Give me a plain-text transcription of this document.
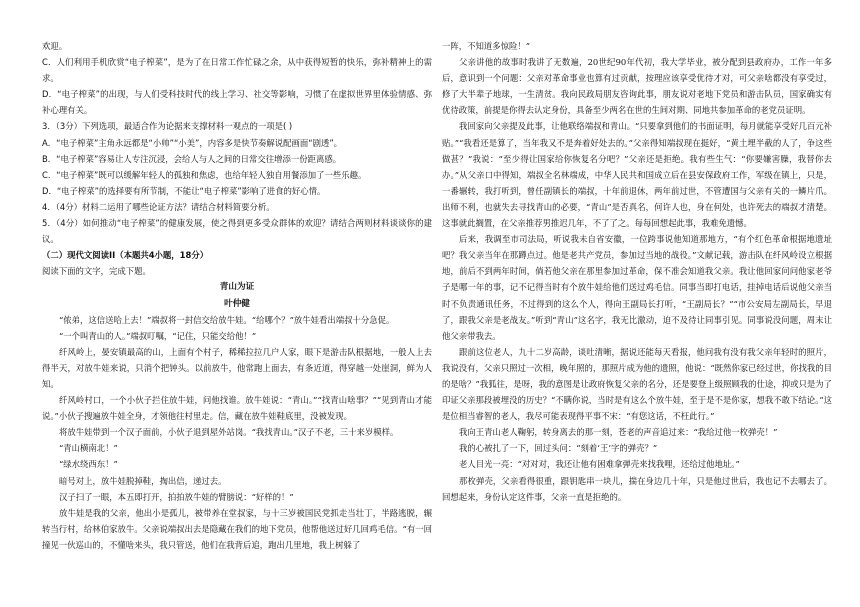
欢迎。

C．人们利用手机欣赏“电子榨菜”，是为了在日常工作忙碌之余，从中获得短暂的快乐，弥补精神上的需求。

D．“电子榨菜”的出现，与人们受科技时代的线上学习、社交等影响，习惯了在虚拟世界里体验情感、弥补心理有关。

3．（3分）下列选项，最适合作为论据来支撑材料一观点的一项是( )

A．“电子榨菜”主角永远都是“小帅”“小美”，内容多是快节奏解说配画面“剧透”。

B．“电子榨菜”容易让人专注沉浸，会给人与人之间的日常交往增添一份距离感。

C．“电子榨菜”既可以缓解年轻人的孤独和焦虑，也给年轻人独自用餐添加了一些乐趣。

D．“电子榨菜”的选择要有所节制，不能让“电子榨菜”影响了进食的好心情。

4．（4分）材料二运用了哪些论证方法？请结合材料简要分析。

5．（4分）如何推动“电子榨菜”的健康发展，使之得到更多受众群体的欢迎？请结合两则材料谈谈你的建议。

（二）现代文阅读II（本题共4小题，18分）

阅读下面的文字，完成下题。

青山为证

叶仲健

“侬弟，这信送哈上去！”端叔将一封信交给放牛娃。“给哪个？”放牛娃看出端叔十分急促。

“一个叫青山的人。”端叔叮嘱，“记住，只能交给他！”

纤风岭上，晏安镇最高的山，上面有个村子，稀稀拉拉几户人家，眼下是游击队根据地，一般人上去得半天，对放牛娃来说，只消个把钟头。以前放牛，他常跑上面去，有条近道，得穿越一处崖洞，鲜为人知。

纤风岭村口，一个小伙子拦住放牛娃，问他找谁。放牛娃说：“青山。”“找青山啥事？”“见到青山才能说。”小伙子搜遍放牛娃全身，才领他往村里走。信，藏在放牛娃鞋底里，没被发现。

将放牛娃带到一个汉子面前，小伙子退到屋外站岗。“我找青山。”汉子不老，三十来岁模样。

“青山横南北！”

“绿水绕西东！”

暗号对上，放牛娃脱掉鞋，掏出信，递过去。

汉子扫了一眼，本五即打开，拍拍放牛娃的臂膀说：“好样的！”

放牛娃是我的父亲，他出小是孤儿，被带养在堂叔家，与十三岁被国民党抓走当壮丁，半路逃脱，辗转当行村，给林伯家放牛。父亲说端叔出去是隐藏在我们的地下党员，他帮他送过好几回鸡毛信。“有一回撞见一伙巡山的，不懂啥来头，我只管送，他们在我背后追，跑出几里地，我上树躲了

一阵，不知道多惊险！”

父亲讲他的故事时我讲了无数遍，20世纪90年代初，我大学毕业，被分配到县政府办，工作一年多后，意识到一个问题：父亲对革命事业也算有过贡献，按理应该享受优待才对，可父亲啥都没有享受过，修了大半辈子地球，一生清贫。我向民政局朋友咨询此事，朋友说对老地下党员和游击队员，国家确实有优待政策，前提是你得去认定身份，具备至少两名在世的生间对期、同地共参加革命的老党员证明。

我回家向父亲提及此事，让他联络端叔和青山。“只要拿到他们的书面证明，每月就能享受好几百元补贴。”“我看还是算了，当年我又不是奔着好处去的。”父亲得知端叔现在挺好，“黄土埋半截的人了，争这些做甚？”我说：“至少得让国家给你恢复名分吧？”父亲还是拒绝。我有些生气：“你要嫌害臊，我替你去办。”从父亲口中得知，端叔全名林端成，中华人民共和国成立后在县安保政府工作，军级在镇上，只是，一番辗转，我打听到，曾任副镇长的端叔，十年前退休，两年前过世，不管遭国与父亲有关的一鳞片爪。出师不利，也就失去寻找青山的必要，“青山”是否真名，何许人也，身在何处，也许死去的端叔才清楚。这事就此搁置，在父亲推荐男推迟几年，不了了之。每每回想起此事，我难免遗憾。

后来，我调至市司法局，听说我未自省安徽，一位跨事说他知道那地方，“有个红色革命根据地遗址吧？我父亲当年在那蹲点过。他是老共产党员，参加过当地的战役。”文献记载，游击队在纤风岭设立根据地，前后不到两年时间，倘若他父亲在那里参加过革命，保不准会知道我父亲。我让他回家问问他家老爷子是哪一年的事，记不记得当时有个放牛娃给他们送过鸡毛信。同事当即打电话，挂掉电话后说他父亲当时不负责通讯任务，不过得到的这么个人，得向王副局长打听，“王副局长？”“市公安局左副局长，早退了，跟我父亲是老战友。”听到“青山”这名字，我无比激动，迫不及待让同事引见。同事说没问题，周末让他父亲带我去。

跟前这位老人，九十二岁高龄，谈吐清晰，据说还能每天看报，他问我有没有我父亲年轻时的照片，我说没有，父亲只照过一次相，晚年照的，那照片成为他的遗照，他说：“既然你家已经过世，你找我的目的是啥？”我狐往，是呀，我的意图是让政府恢复父亲的名分，还是要登上级照顾我的仕途，抑或只是为了印证父亲那段被埋没的历史？“不瞒你说，当时是有这么个放牛娃，至于是不是你家，想我不敢下结论。”这是位相当睿智的老人，我尽可能表现得平事不宋：“有您这话，不枉此行。”

我向王青山老人鞠躬，转身离去的那一刻，苍老的声音追过来：“我给过他一枚弹壳！”

我的心被扎了一下，回过头问：“刻着‘王’字的弹壳？”

老人目光一亮：“对对对，我还让他有困难拿弹壳来找我哩，还给过他地址。”

那枚弹壳，父亲看得很重，跟钥匙串一块儿，揣在身边几十年，只是他过世后，我也记不去哪去了。回想起来，身份认定这件事，父亲一直是拒绝的。
